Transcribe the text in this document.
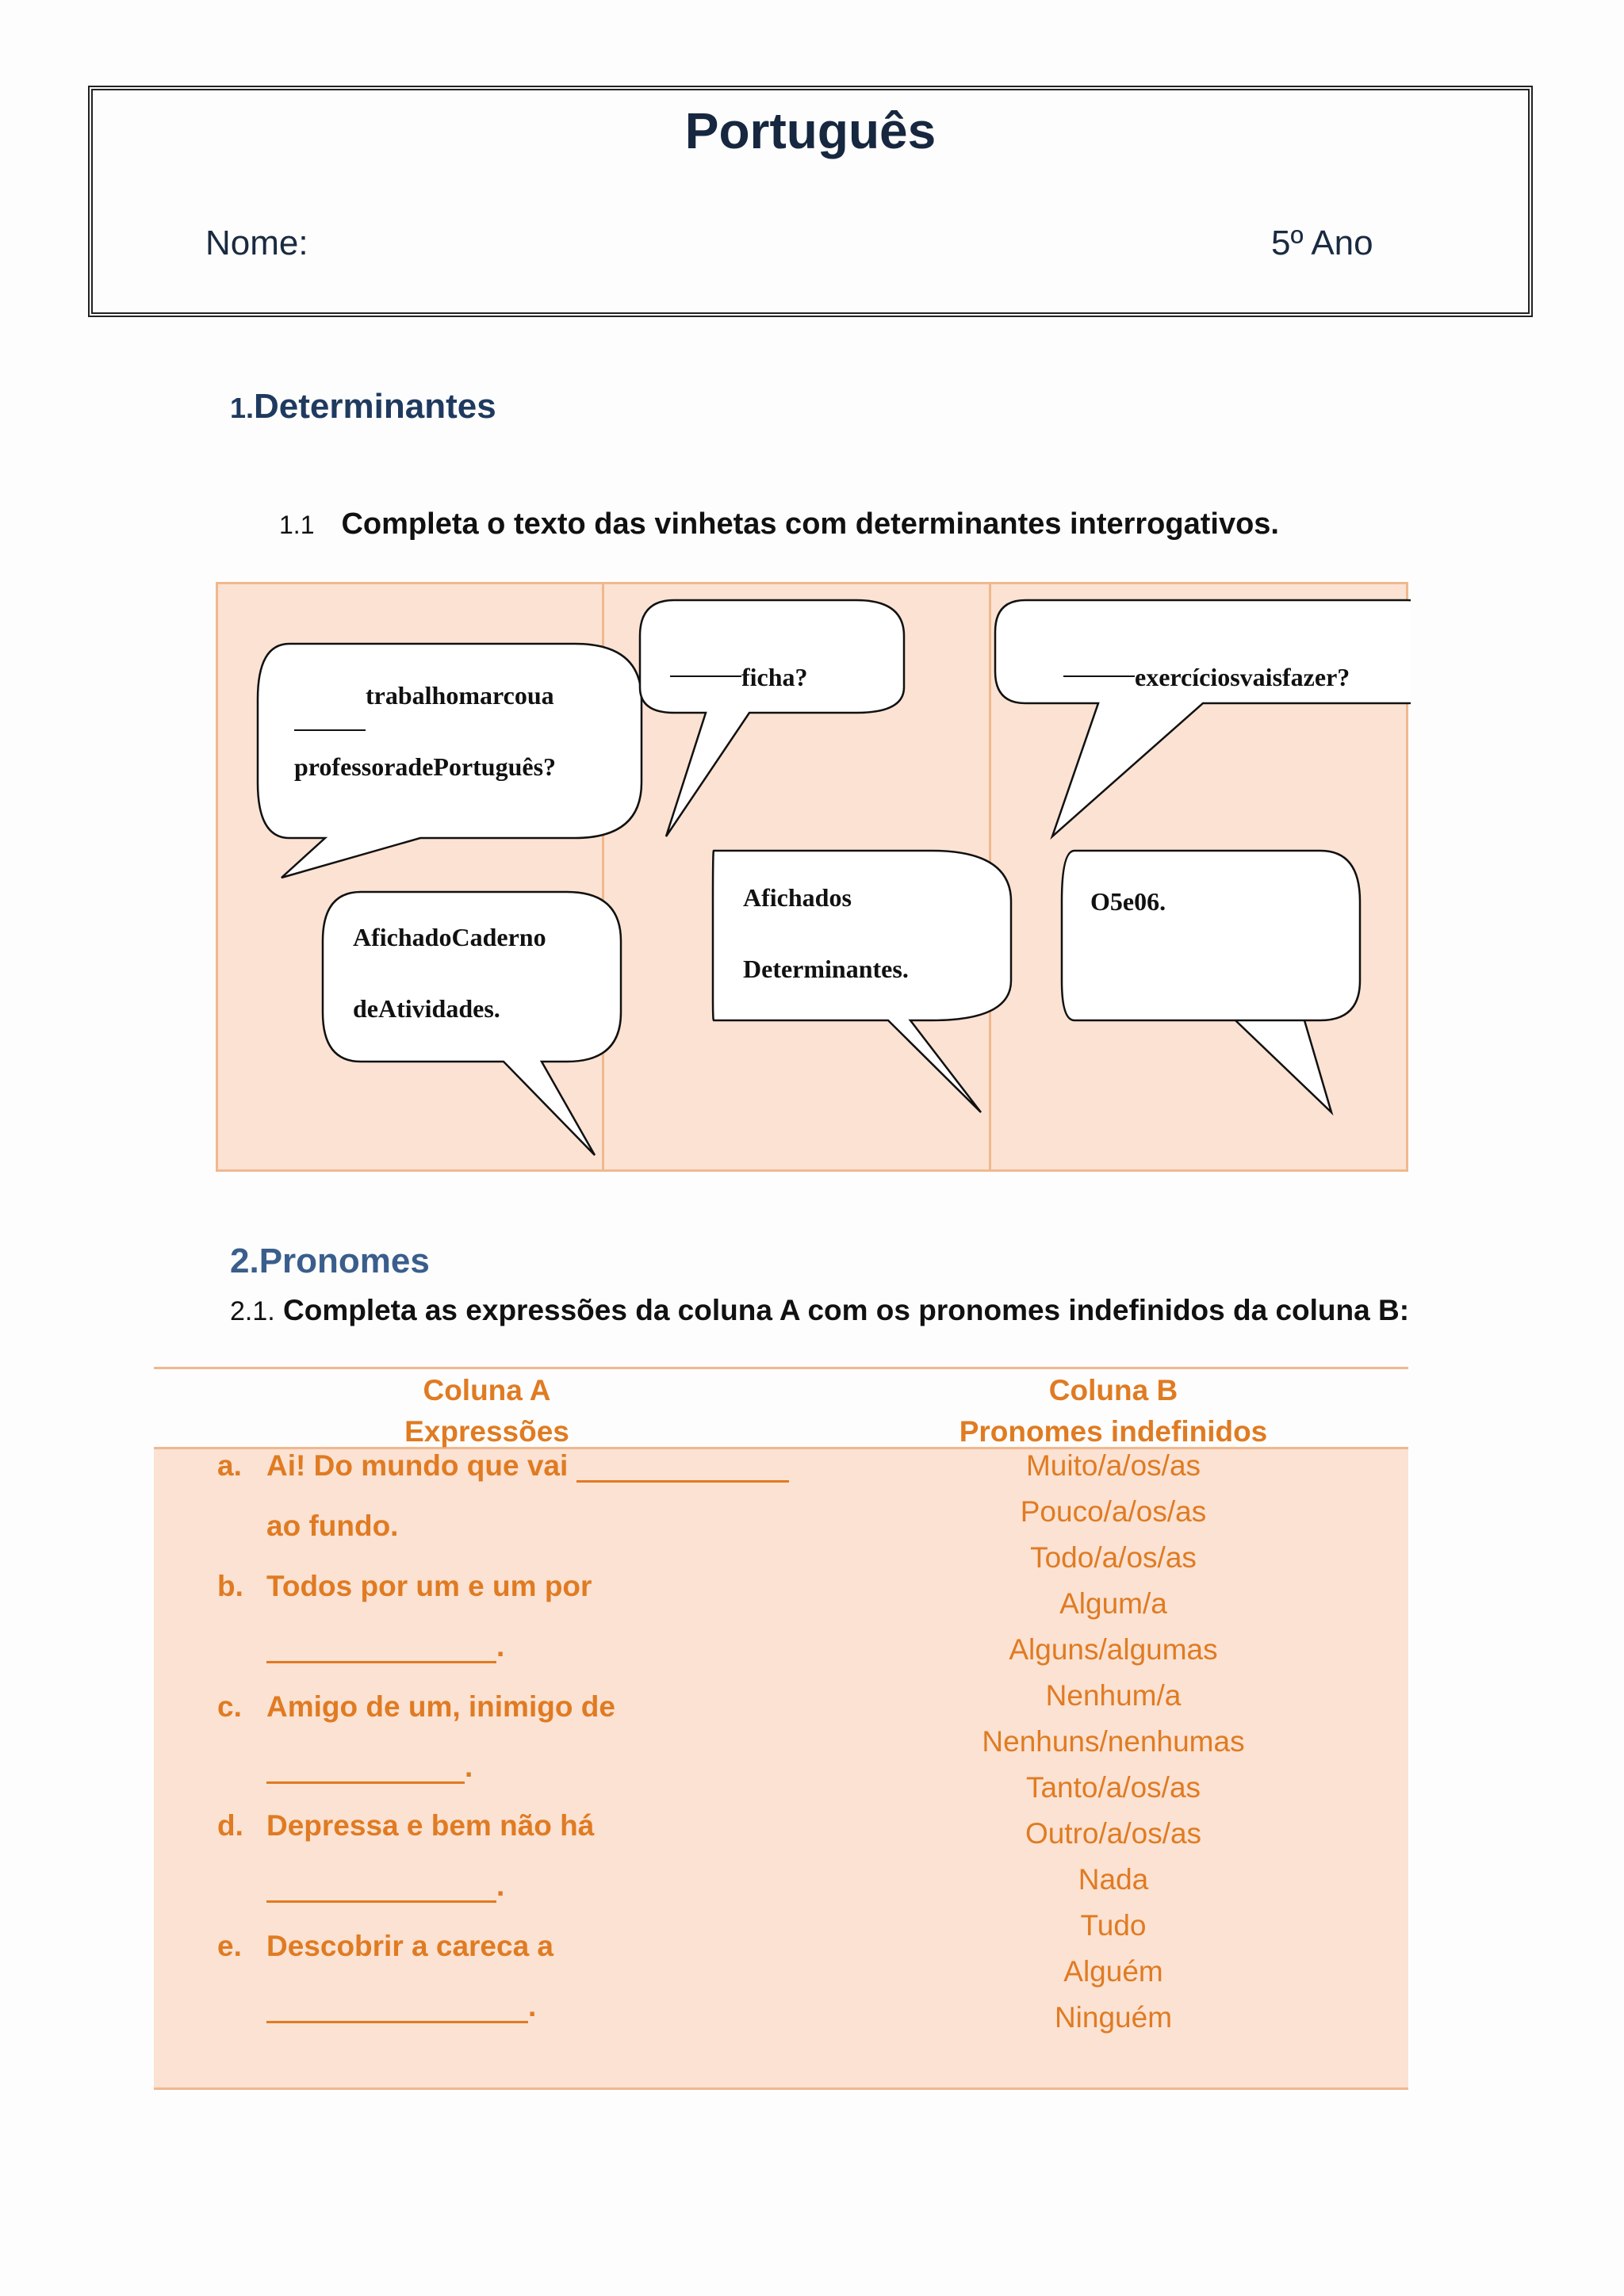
Português
Nome:	5º Ano
1.Determinantes
1.1 Completa o texto das vinhetas com determinantes interrogativos.
trabalhomarcoua
professoradePortuguês?
AfichadoCaderno
deAtividades.
ficha?
Afichados
Determinantes.
exercíciosvaisfazer?
O5e06.
2.Pronomes
2.1. Completa as expressões da coluna A com os pronomes indefinidos da coluna B:
Coluna A
Expressões
Coluna B
Pronomes indefinidos
a. Ai! Do mundo que vai
ao fundo.
b. Todos por um e um por
.
c. Amigo de um, inimigo de
.
d. Depressa e bem não há
.
e. Descobrir a careca a
.
Muito/a/os/as
Pouco/a/os/as
Todo/a/os/as
Algum/a
Alguns/algumas
Nenhum/a
Nenhuns/nenhumas
Tanto/a/os/as
Outro/a/os/as
Nada
Tudo
Alguém
Ninguém
